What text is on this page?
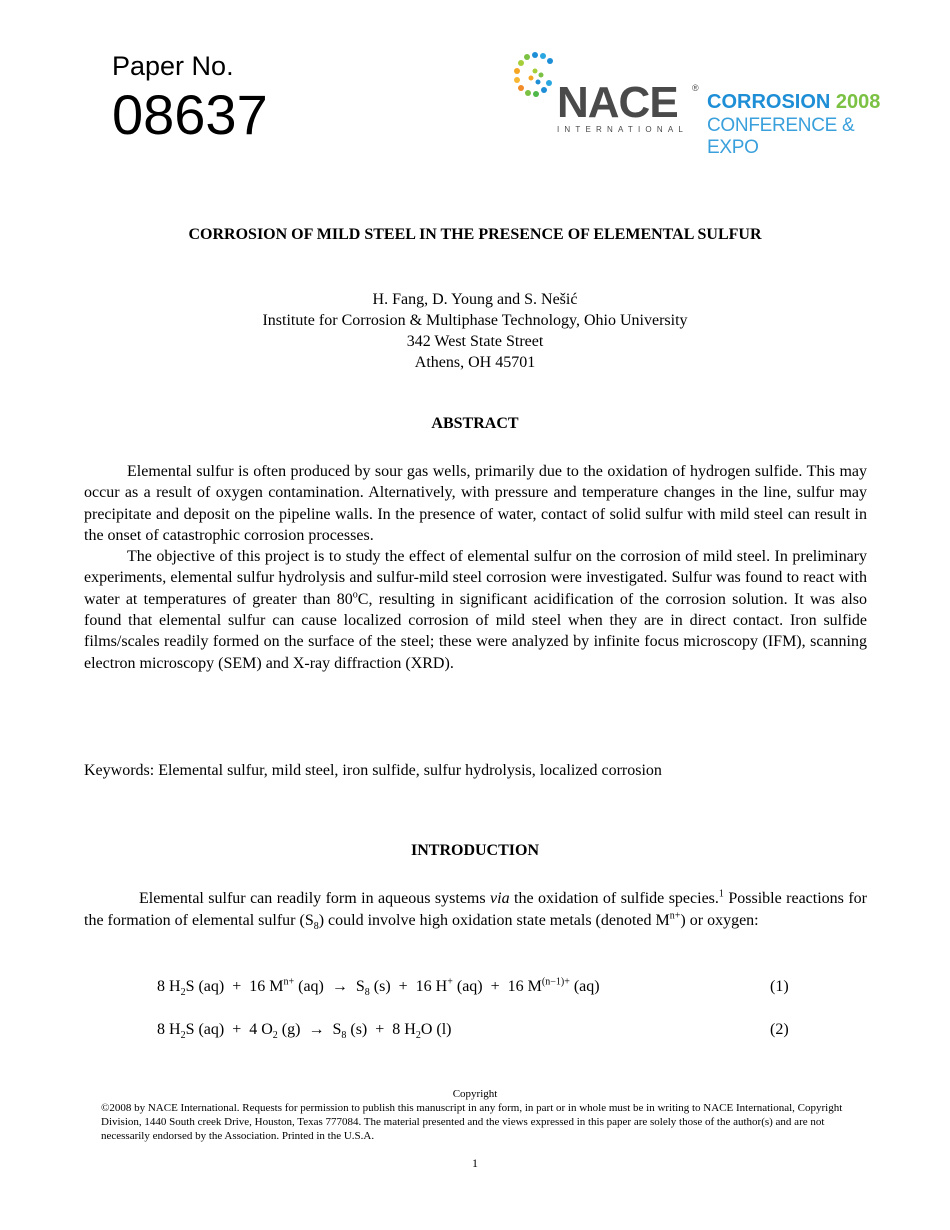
Paper No.
08637	NACE ®
INTERNATIONAL
CORROSION 2008
CONFERENCE & EXPO
CORROSION OF MILD STEEL IN THE PRESENCE OF ELEMENTAL SULFUR
H. Fang, D. Young and S. Nešić
Institute for Corrosion & Multiphase Technology, Ohio University
342 West State Street
Athens, OH 45701
ABSTRACT

Elemental sulfur is often produced by sour gas wells, primarily due to the oxidation of hydrogen sulfide. This may occur as a result of oxygen contamination. Alternatively, with pressure and temperature changes in the line, sulfur may precipitate and deposit on the pipeline walls. In the presence of water, contact of solid sulfur with mild steel can result in the onset of catastrophic corrosion processes.

The objective of this project is to study the effect of elemental sulfur on the corrosion of mild steel. In preliminary experiments, elemental sulfur hydrolysis and sulfur-mild steel corrosion were investigated. Sulfur was found to react with water at temperatures of greater than 80$^o$C, resulting in significant acidification of the corrosion solution. It was also found that elemental sulfur can cause localized corrosion of mild steel when they are in direct contact. Iron sulfide films/scales readily formed on the surface of the steel; these were analyzed by infinite focus microscopy (IFM), scanning electron microscopy (SEM) and X-ray diffraction (XRD).

Keywords: Elemental sulfur, mild steel, iron sulfide, sulfur hydrolysis, localized corrosion
INTRODUCTION

Elemental sulfur can readily form in aqueous systems via the oxidation of sulfide species.$^1$ Possible reactions for the formation of elemental sulfur $(S_8)$ could involve high oxidation state metals (denoted $M^{n+}$) or oxygen:

8 $H_2S$ (aq)  +  16 $M^{n+}$ $(aq) \to S_8$ (s)  +  16 H+ (aq)  +  16 $M^{(n-1)+}$ (aq)	(1)
8 $H_2S$ (aq)  +  4 $O_2$ $(g) \to S_8$ (s)  +  8 $H_2O$ (l)	(2)
Copyright
©2008 by NACE International. Requests for permission to publish this manuscript in any form, in part or in whole must be in writing to NACE International, Copyright Division, 1440 South creek Drive, Houston, Texas 777084. The material presented and the views expressed in this paper are solely those of the author(s) and are not necessarily endorsed by the Association. Printed in the U.S.A.
1
